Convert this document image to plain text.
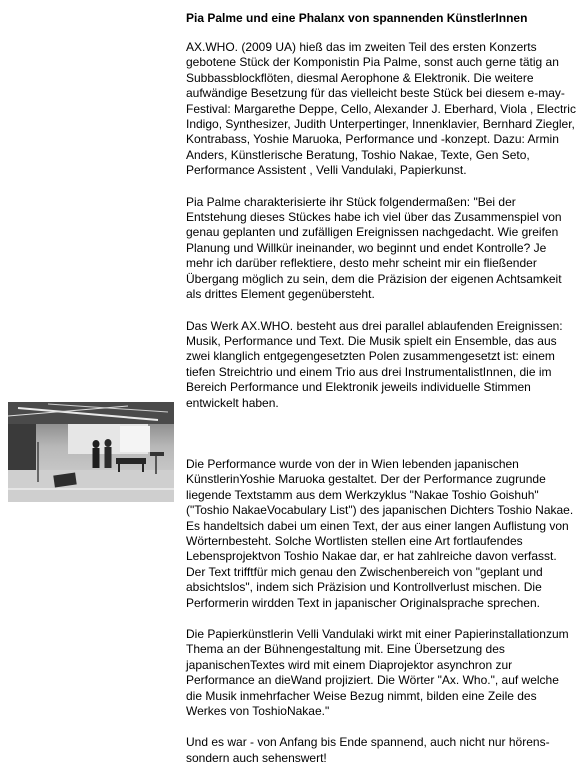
Pia Palme und eine Phalanx von spannenden KünstlerInnen

AX.WHO. (2009 UA) hieß das im zweiten Teil des ersten Konzerts gebotene Stück der Komponistin Pia Palme, sonst auch gerne tätig an Subbassblockflöten, diesmal Aerophone & Elektronik. Die weitere aufwändige Besetzung für das vielleicht beste Stück bei diesem e-may-Festival: Margarethe Deppe, Cello, Alexander J. Eberhard, Viola , Electric Indigo, Synthesizer, Judith Unterpertinger, Innenklavier, Bernhard Ziegler, Kontrabass, Yoshie Maruoka, Performance und -konzept. Dazu: Armin Anders, Künstlerische Beratung, Toshio Nakae, Texte, Gen Seto, Performance Assistent , Velli Vandulaki, Papierkunst.

Pia Palme charakterisierte ihr Stück folgendermaßen: "Bei der Entstehung dieses Stückes habe ich viel über das Zusammenspiel von genau geplanten und zufälligen Ereignissen nachgedacht. Wie greifen Planung und Willkür ineinander, wo beginnt und endet Kontrolle? Je mehr ich darüber reflektiere, desto mehr scheint mir ein fließender Übergang möglich zu sein, dem die Präzision der eigenen Achtsamkeit als drittes Element gegenübersteht.

Das Werk AX.WHO. besteht aus drei parallel ablaufenden Ereignissen: Musik, Performance und Text. Die Musik spielt ein Ensemble, das aus zwei klanglich entgegengesetzten Polen zusammengesetzt ist: einem tiefen Streichtrio und einem Trio aus drei InstrumentalistInnen, die im Bereich Performance und Elektronik jeweils individuelle Stimmen entwickelt haben.

Die Performance wurde von der in Wien lebenden japanischen KünstlerinYoshie Maruoka gestaltet. Der der Performance zugrunde liegende Textstamm aus dem Werkzyklus "Nakae Toshio Goishuh" ("Toshio NakaeVocabulary List") des japanischen Dichters Toshio Nakae. Es handeltsich dabei um einen Text, der aus einer langen Auflistung von Wörternbesteht. Solche Wortlisten stellen eine Art fortlaufendes Lebensprojektvon Toshio Nakae dar, er hat zahlreiche davon verfasst. Der Text trifftfür mich genau den Zwischenbereich von "geplant und absichtslos", indem sich Präzision und Kontrollverlust mischen. Die Performerin wirdden Text in japanischer Originalsprache sprechen.

Die Papierkünstlerin Velli Vandulaki wirkt mit einer Papierinstallationzum Thema an der Bühnengestaltung mit. Eine Übersetzung des japanischenTextes wird mit einem Diaprojektor asynchron zur Performance an dieWand projiziert. Die Wörter "Ax. Who.", auf welche die Musik inmehrfacher Weise Bezug nimmt, bilden eine Zeile des Werkes von ToshioNakae."

Und es war - von Anfang bis Ende spannend, auch nicht nur hörens- sondern auch sehenswert!
